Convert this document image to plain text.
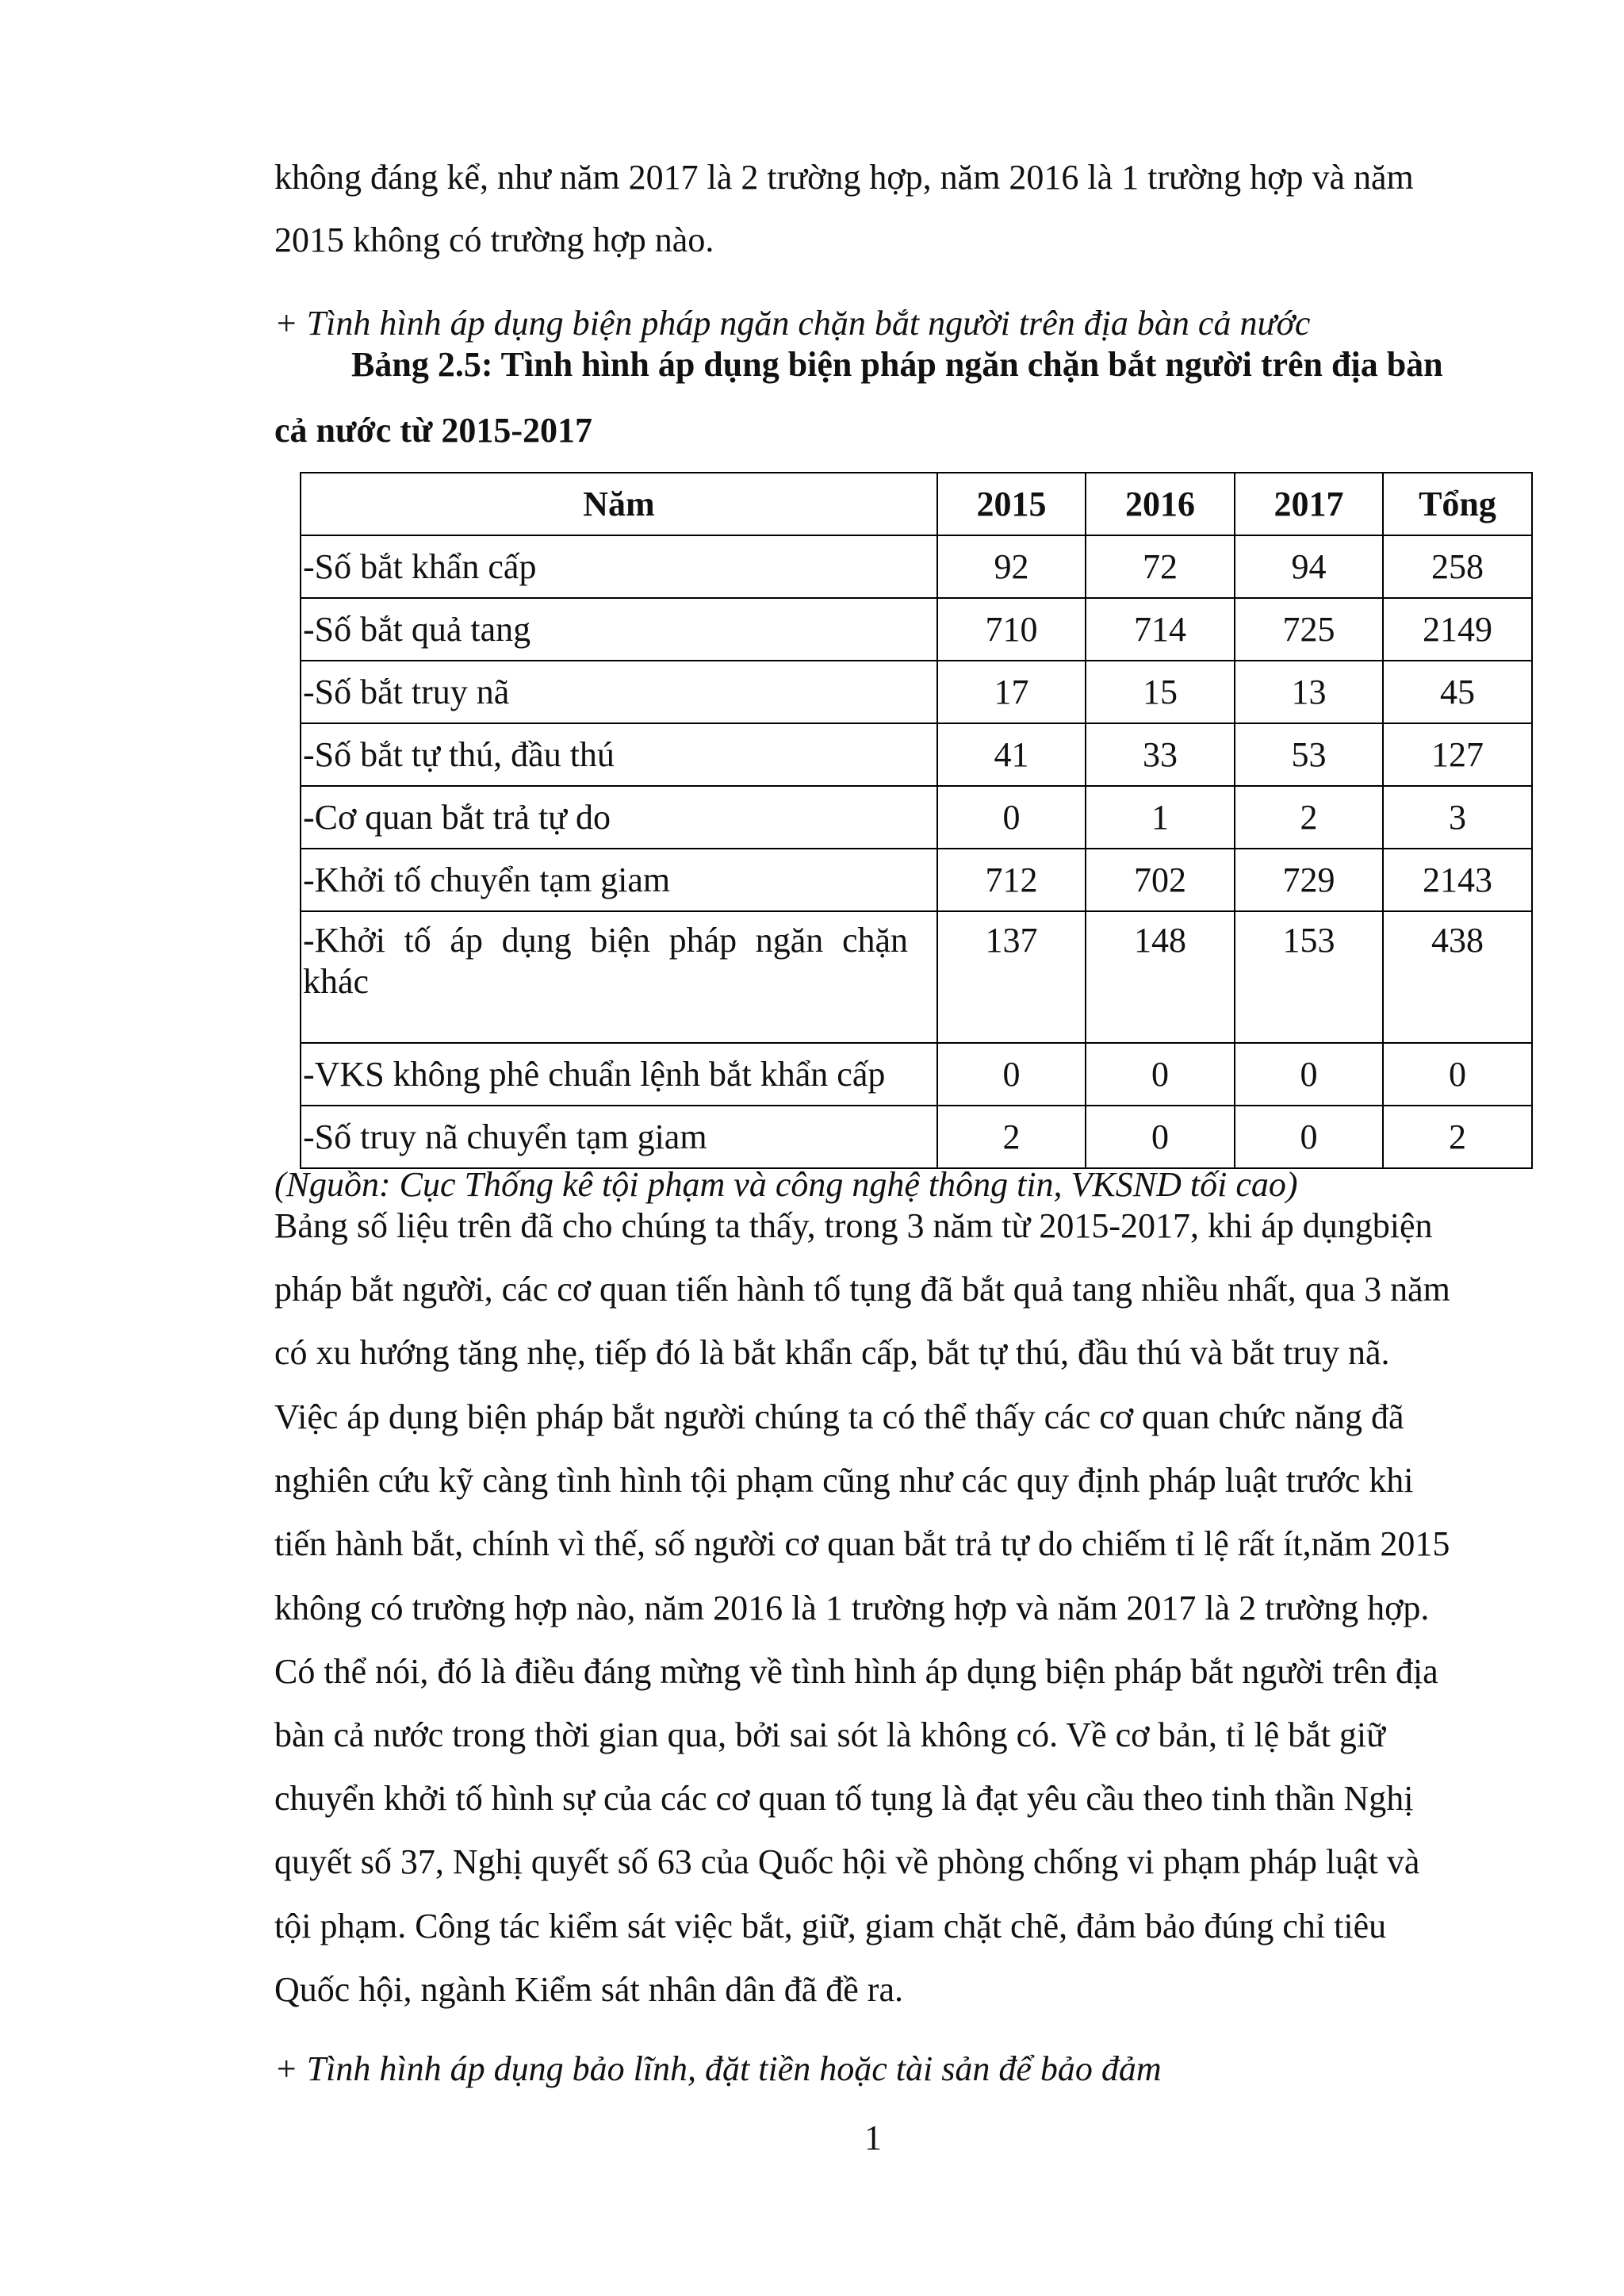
không đáng kể, như năm 2017 là 2 trường hợp, năm 2016 là 1 trường hợp và năm
2015 không có trường hợp nào.
+ Tình hình áp dụng biện pháp ngăn chặn bắt người trên địa bàn cả nước
Bảng 2.5: Tình hình áp dụng biện pháp ngăn chặn bắt người trên địa bàn
cả nước từ 2015-2017
Năm	2015	2016	2017	Tổng
-Số bắt khẩn cấp	92	72	94	258
-Số bắt quả tang	710	714	725	2149
-Số bắt truy nã	17	15	13	45
-Số bắt tự thú, đầu thú	41	33	53	127
-Cơ quan bắt trả tự do	0	1	2	3
-Khởi tố chuyển tạm giam	712	702	729	2143
-Khởi tố áp dụng biện pháp ngăn chặn khác	137	148	153	438
-VKS không phê chuẩn lệnh bắt khẩn cấp	0	0	0	0
-Số truy nã chuyển tạm giam	2	0	0	2
(Nguồn: Cục Thống kê tội phạm và công nghệ thông tin, VKSND tối cao)
Bảng số liệu trên đã cho chúng ta thấy, trong 3 năm từ 2015-2017, khi áp dụngbiện
pháp bắt người, các cơ quan tiến hành tố tụng đã bắt quả tang nhiều nhất, qua 3 năm
có xu hướng tăng nhẹ, tiếp đó là bắt khẩn cấp, bắt tự thú, đầu thú và bắt truy nã.
Việc áp dụng biện pháp bắt người chúng ta có thể thấy các cơ quan chức năng đã
nghiên cứu kỹ càng tình hình tội phạm cũng như các quy định pháp luật trước khi
tiến hành bắt, chính vì thế, số người cơ quan bắt trả tự do chiếm tỉ lệ rất ít,năm 2015
không có trường hợp nào, năm 2016 là 1 trường hợp và năm 2017 là 2 trường hợp.
Có thể nói, đó là điều đáng mừng về tình hình áp dụng biện pháp bắt người trên địa
bàn cả nước trong thời gian qua, bởi sai sót là không có. Về cơ bản, tỉ lệ bắt giữ
chuyển khởi tố hình sự của các cơ quan tố tụng là đạt yêu cầu theo tinh thần Nghị
quyết số 37, Nghị quyết số 63 của Quốc hội về phòng chống vi phạm pháp luật và
tội phạm. Công tác kiểm sát việc bắt, giữ, giam chặt chẽ, đảm bảo đúng chỉ tiêu
Quốc hội, ngành Kiểm sát nhân dân đã đề ra.
+ Tình hình áp dụng bảo lĩnh, đặt tiền hoặc tài sản để bảo đảm
1
